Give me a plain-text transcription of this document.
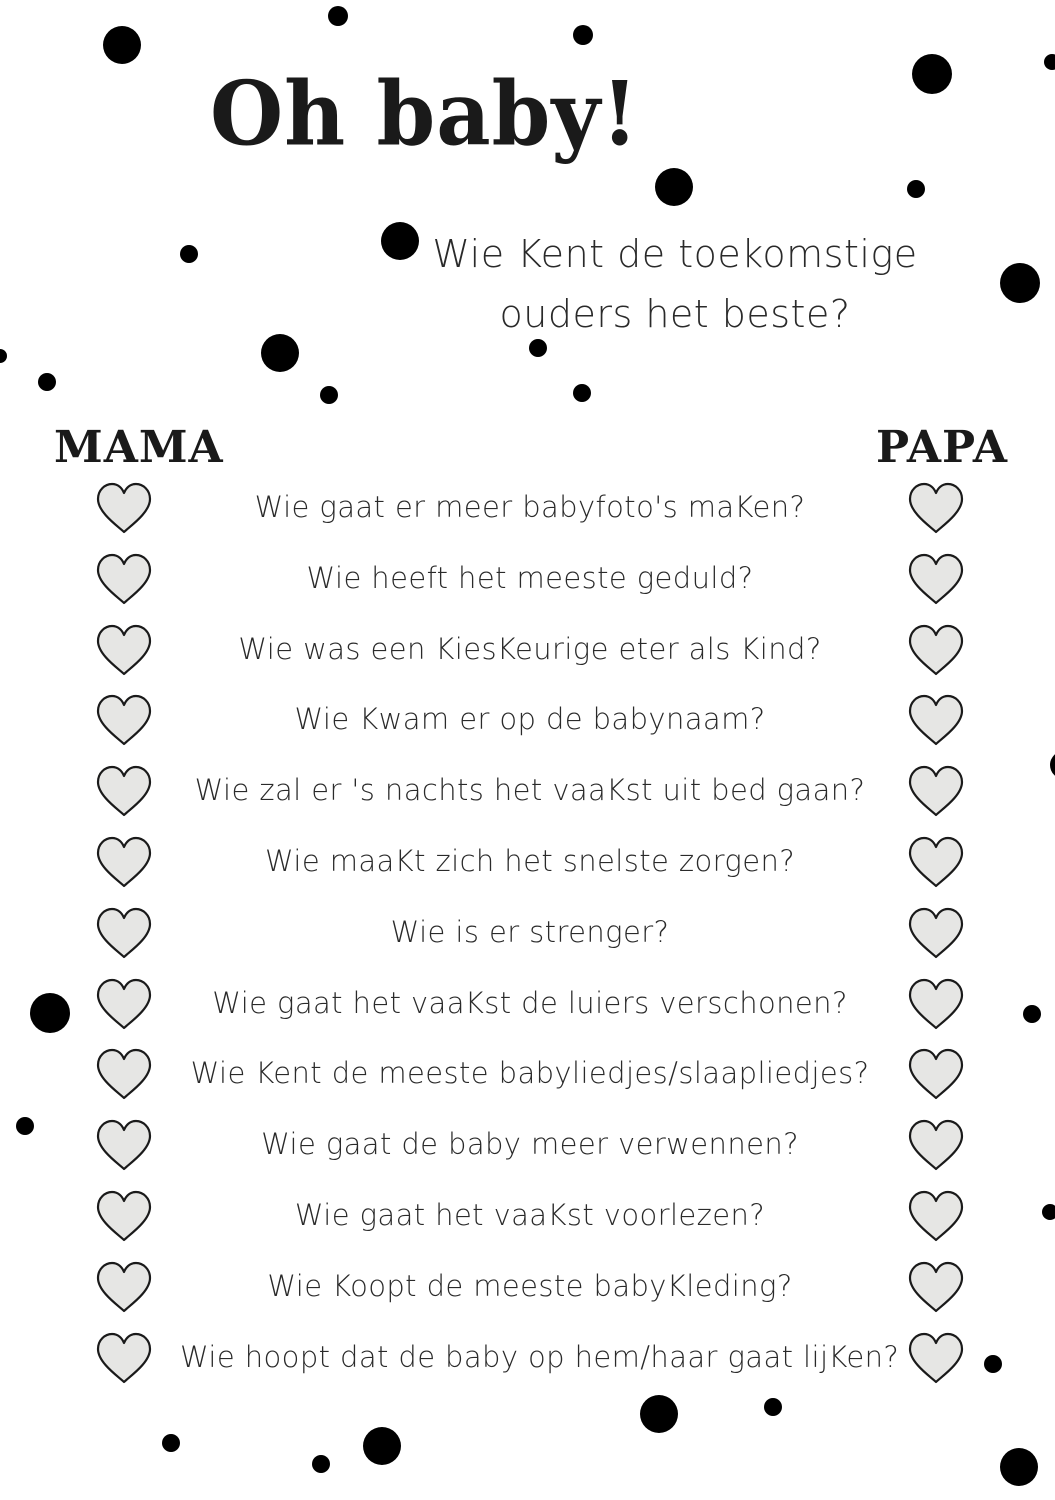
Oh baby!
Wie Kent de toekomstige
ouders het beste?
MAMA	PAPA
Wie gaat er meer babyfoto's maKen?
Wie heeft het meeste geduld?
Wie was een KiesKeurige eter als Kind?
Wie Kwam er op de babynaam?
Wie zal er 's nachts het vaaKst uit bed gaan?
Wie maaKt zich het snelste zorgen?
Wie is er strenger?
Wie gaat het vaaKst de luiers verschonen?
Wie Kent de meeste babyliedjes/slaapliedjes?
Wie gaat de baby meer verwennen?
Wie gaat het vaaKst voorlezen?
Wie Koopt de meeste babyKleding?
Wie hoopt dat de baby op hem/haar gaat lijKen?
